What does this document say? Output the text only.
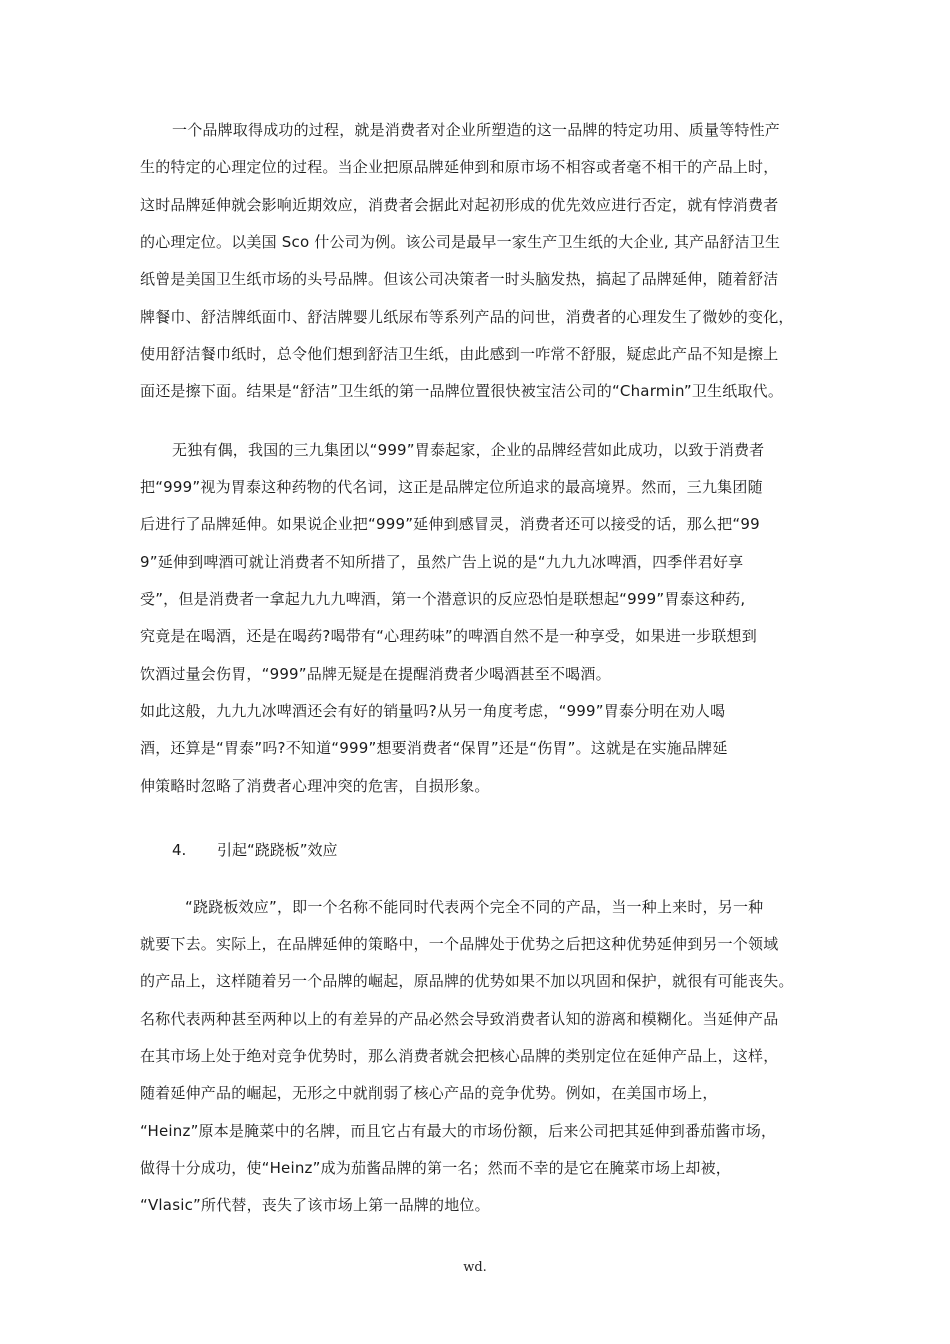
一个品牌取得成功的过程，就是消费者对企业所塑造的这一品牌的特定功用、质量等特性产
生的特定的心理定位的过程。当企业把原品牌延伸到和原市场不相容或者毫不相干的产品上时，
这时品牌延伸就会影响近期效应，消费者会据此对起初形成的优先效应进行否定，就有悖消费者
的心理定位。以美国 Sco 什公司为例。该公司是最早一家生产卫生纸的大企业, 其产品舒洁卫生
纸曾是美国卫生纸市场的头号品牌。但该公司决策者一时头脑发热，搞起了品牌延伸，随着舒洁
牌餐巾、舒洁牌纸面巾、舒洁牌婴儿纸尿布等系列产品的问世，消费者的心理发生了微妙的变化，
使用舒洁餐巾纸时，总令他们想到舒洁卫生纸，由此感到一咋常不舒服，疑虑此产品不知是擦上
面还是擦下面。结果是“舒洁”卫生纸的第一品牌位置很快被宝洁公司的“Charmin”卫生纸取代。
无独有偶，我国的三九集团以“999”胃泰起家，企业的品牌经营如此成功，以致于消费者
把“999”视为胃泰这种药物的代名词，这正是品牌定位所追求的最高境界。然而，三九集团随
后进行了品牌延伸。如果说企业把“999”延伸到感冒灵，消费者还可以接受的话，那么把“99
9”延伸到啤酒可就让消费者不知所措了，虽然广告上说的是“九九九冰啤酒，四季伴君好享
受”，但是消费者一拿起九九九啤酒，第一个潜意识的反应恐怕是联想起“999”胃泰这种药,
究竟是在喝酒，还是在喝药?喝带有“心理药味”的啤酒自然不是一种享受，如果进一步联想到
饮酒过量会伤胃，“999”品牌无疑是在提醒消费者少喝酒甚至不喝酒。
如此这般，九九九冰啤酒还会有好的销量吗?从另一角度考虑，“999”胃泰分明在劝人喝
酒，还算是“胃泰”吗?不知道“999”想要消费者“保胃”还是“伤胃”。这就是在实施品牌延
伸策略时忽略了消费者心理冲突的危害，自损形象。
4. 引起“跷跷板”效应
“跷跷板效应”，即一个名称不能同时代表两个完全不同的产品，当一种上来时，另一种
就要下去。实际上，在品牌延伸的策略中，一个品牌处于优势之后把这种优势延伸到另一个领域
的产品上，这样随着另一个品牌的崛起，原品牌的优势如果不加以巩固和保护，就很有可能丧失。
名称代表两种甚至两种以上的有差异的产品必然会导致消费者认知的游离和模糊化。当延伸产品
在其市场上处于绝对竞争优势时，那么消费者就会把核心品牌的类别定位在延伸产品上，这样，
随着延伸产品的崛起，无形之中就削弱了核心产品的竞争优势。例如，在美国市场上，
“Heinz”原本是腌菜中的名牌，而且它占有最大的市场份额，后来公司把其延伸到番茄酱市场，
做得十分成功，使“Heinz”成为茄酱品牌的第一名；然而不幸的是它在腌菜市场上却被，
“Vlasic”所代替，丧失了该市场上第一品牌的地位。
wd.
